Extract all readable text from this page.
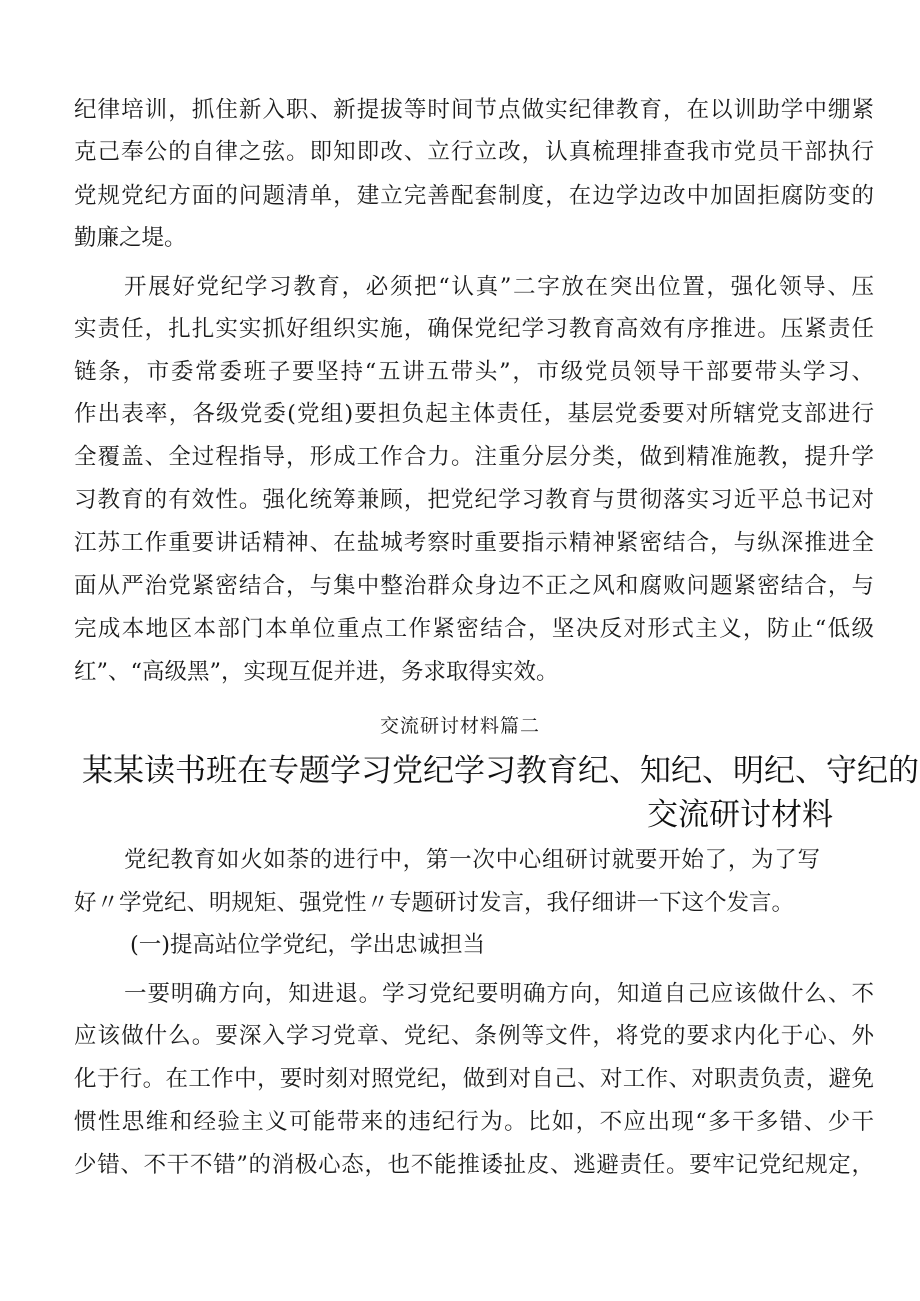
纪律培训，抓住新入职、新提拔等时间节点做实纪律教育，在以训助学中绷紧

克己奉公的自律之弦。即知即改、立行立改，认真梳理排查我市党员干部执行

党规党纪方面的问题清单，建立完善配套制度，在边学边改中加固拒腐防变的

勤廉之堤。

开展好党纪学习教育，必须把“认真”二字放在突出位置，强化领导、压

实责任，扎扎实实抓好组织实施，确保党纪学习教育高效有序推进。压紧责任

链条，市委常委班子要坚持“五讲五带头”，市级党员领导干部要带头学习、

作出表率，各级党委(党组)要担负起主体责任，基层党委要对所辖党支部进行

全覆盖、全过程指导，形成工作合力。注重分层分类，做到精准施教，提升学

习教育的有效性。强化统筹兼顾，把党纪学习教育与贯彻落实习近平总书记对

江苏工作重要讲话精神、在盐城考察时重要指示精神紧密结合，与纵深推进全

面从严治党紧密结合，与集中整治群众身边不正之风和腐败问题紧密结合，与

完成本地区本部门本单位重点工作紧密结合，坚决反对形式主义，防止“低级

红”、“高级黑”，实现互促并进，务求取得实效。

交流研讨材料篇二

某某读书班在专题学习党纪学习教育纪、知纪、明纪、守纪的
交流研讨材料

党纪教育如火如荼的进行中，第一次中心组研讨就要开始了，为了写

好〃学党纪、明规矩、强党性〃专题研讨发言，我仔细讲一下这个发言。

(一)提高站位学党纪，学出忠诚担当

一要明确方向，知进退。学习党纪要明确方向，知道自己应该做什么、不

应该做什么。要深入学习党章、党纪、条例等文件，将党的要求内化于心、外

化于行。在工作中，要时刻对照党纪，做到对自己、对工作、对职责负责，避免

惯性思维和经验主义可能带来的违纪行为。比如，不应出现“多干多错、少干

少错、不干不错”的消极心态，也不能推诿扯皮、逃避责任。要牢记党纪规定，
